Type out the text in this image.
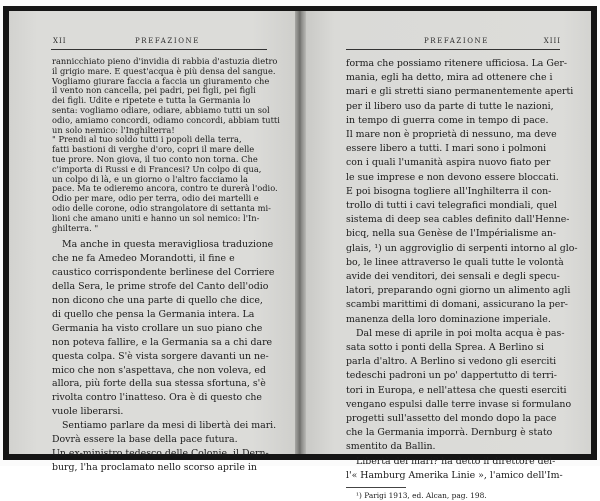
XII	PREFAZIONE
rannicchiato pieno d'invidia di rabbia d'astuzia dietro
il grigio mare. E quest'acqua è più densa del sangue.
Vogliamo giurare faccia a faccia un giuramento che
il vento non cancella, pei padri, pei figli, pei figli
dei figli. Udite e ripetete e tutta la Germania lo
senta: vogliamo odiare, odiare, abbiamo tutti un sol
odio, amiamo concordi, odiamo concordi, abbiam tutti
un solo nemico: l'Inghilterra!
" Prendi al tuo soldo tutti i popoli della terra,
fatti bastioni di verghe d'oro, copri il mare delle
tue prore. Non giova, il tuo conto non torna. Che
c'importa di Russi e di Francesi? Un colpo di qua,
un colpo di là, e un giorno o l'altro facciamo la
pace. Ma te odieremo ancora, contro te durerà l'odio.
Odio per mare, odio per terra, odio dei martelli e
odio delle corone, odio strangolatore di settanta mi-
lioni che amano uniti e hanno un sol nemico: l'In-
ghilterra. "
Ma anche in questa meravigliosa traduzione
che ne fa Amedeo Morandotti, il fine e
caustico corrispondente berlinese del Corriere
della Sera, le prime strofe del Canto dell'odio
non dicono che una parte di quello che dice,
di quello che pensa la Germania intera. La
Germania ha visto crollare un suo piano che
non poteva fallire, e la Germania sa a chi dare
questa colpa. S'è vista sorgere davanti un ne-
mico che non s'aspettava, che non voleva, ed
allora, più forte della sua stessa sfortuna, s'è
rivolta contro l'inatteso. Ora è di questo che
vuole liberarsi.
Sentiamo parlare da mesi di libertà dei mari.
Dovrà essere la base della pace futura.
Un ex-ministro tedesco delle Colonie, il Dern-
burg, l'ha proclamato nello scorso aprile in
PREFAZIONE	XIII
forma che possiamo ritenere ufficiosa. La Ger-
mania, egli ha detto, mira ad ottenere che i
mari e gli stretti siano permanentemente aperti
per il libero uso da parte di tutte le nazioni,
in tempo di guerra come in tempo di pace.
Il mare non è proprietà di nessuno, ma deve
essere libero a tutti. I mari sono i polmoni
con i quali l'umanità aspira nuovo fiato per
le sue imprese e non devono essere bloccati.
E poi bisogna togliere all'Inghilterra il con-
trollo di tutti i cavi telegrafici mondiali, quel
sistema di deep sea cables definito dall'Henne-
bicq, nella sua Genèse de l'Impérialisme an-
glais, ¹) un aggroviglio di serpenti intorno al glo-
bo, le linee attraverso le quali tutte le volontà
avide dei venditori, dei sensali e degli specu-
latori, preparando ogni giorno un alimento agli
scambi marittimi di domani, assicurano la per-
manenza della loro dominazione imperiale.
Dal mese di aprile in poi molta acqua è pas-
sata sotto i ponti della Sprea. A Berlino si
parla d'altro. A Berlino si vedono gli eserciti
tedeschi padroni un po' dappertutto di terri-
tori in Europa, e nell'attesa che questi eserciti
vengano espulsi dalle terre invase si formulano
progetti sull'assetto del mondo dopo la pace
che la Germania imporrà. Dernburg è stato
smentito da Ballin.
Libertà dei mari? ha detto il direttore del-
l'« Hamburg Amerika Linie », l'amico dell'Im-
¹) Parigi 1913, ed. Alcan, pag. 198.
